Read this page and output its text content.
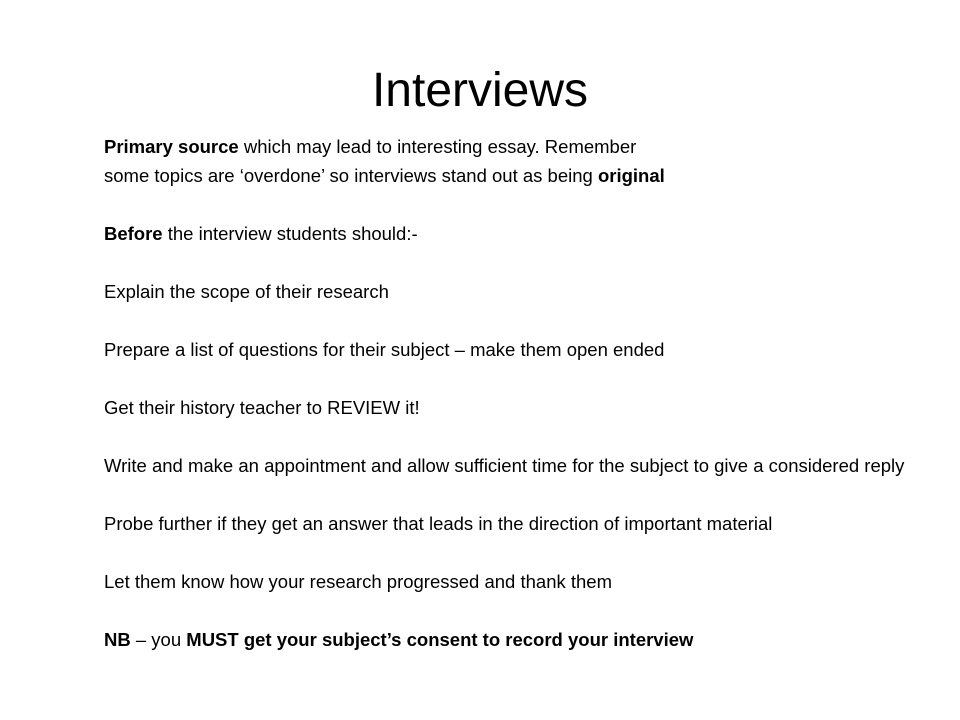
Interviews

Primary source which may lead to interesting essay. Remember

some topics are ‘overdone’ so interviews stand out as being original

Before the interview students should:-

Explain the scope of their research

Prepare a list of questions for their subject – make them open ended

Get their history teacher to REVIEW it!

Write and make an appointment and allow sufficient time for the subject to give a considered reply

Probe further if they get an answer that leads in the direction of important material

Let them know how your research progressed and thank them

NB – you MUST get your subject’s consent to record your interview
